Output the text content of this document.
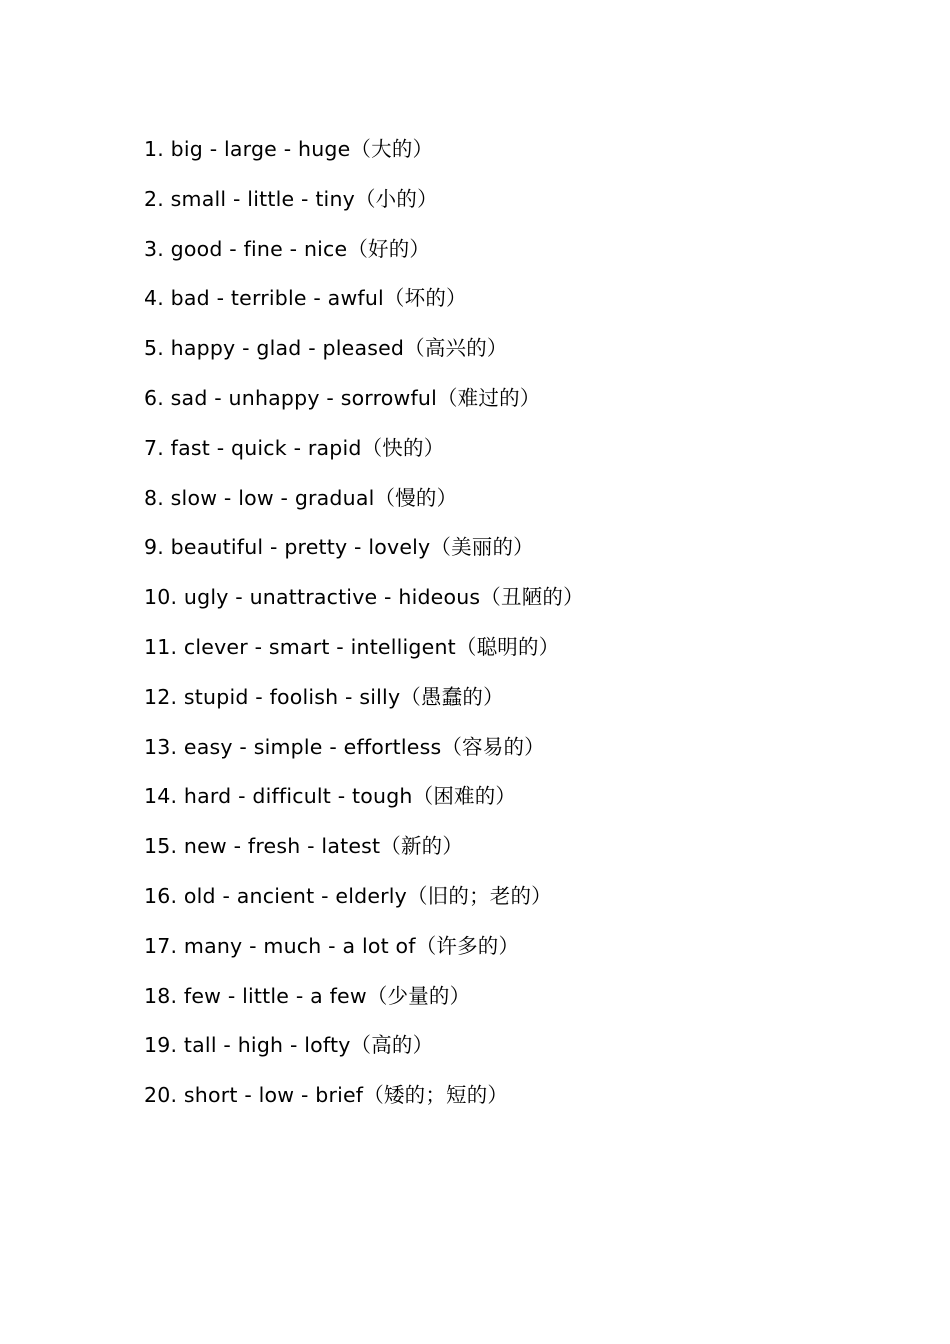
1. big - large - huge（大的）
2. small - little - tiny（小的）
3. good - fine - nice（好的）
4. bad - terrible - awful（坏的）
5. happy - glad - pleased（高兴的）
6. sad - unhappy - sorrowful（难过的）
7. fast - quick - rapid（快的）
8. slow - low - gradual（慢的）
9. beautiful - pretty - lovely（美丽的）
10. ugly - unattractive - hideous（丑陋的）
11. clever - smart - intelligent（聪明的）
12. stupid - foolish - silly（愚蠢的）
13. easy - simple - effortless（容易的）
14. hard - difficult - tough（困难的）
15. new - fresh - latest（新的）
16. old - ancient - elderly（旧的；老的）
17. many - much - a lot of（许多的）
18. few - little - a few（少量的）
19. tall - high - lofty（高的）
20. short - low - brief（矮的；短的）
